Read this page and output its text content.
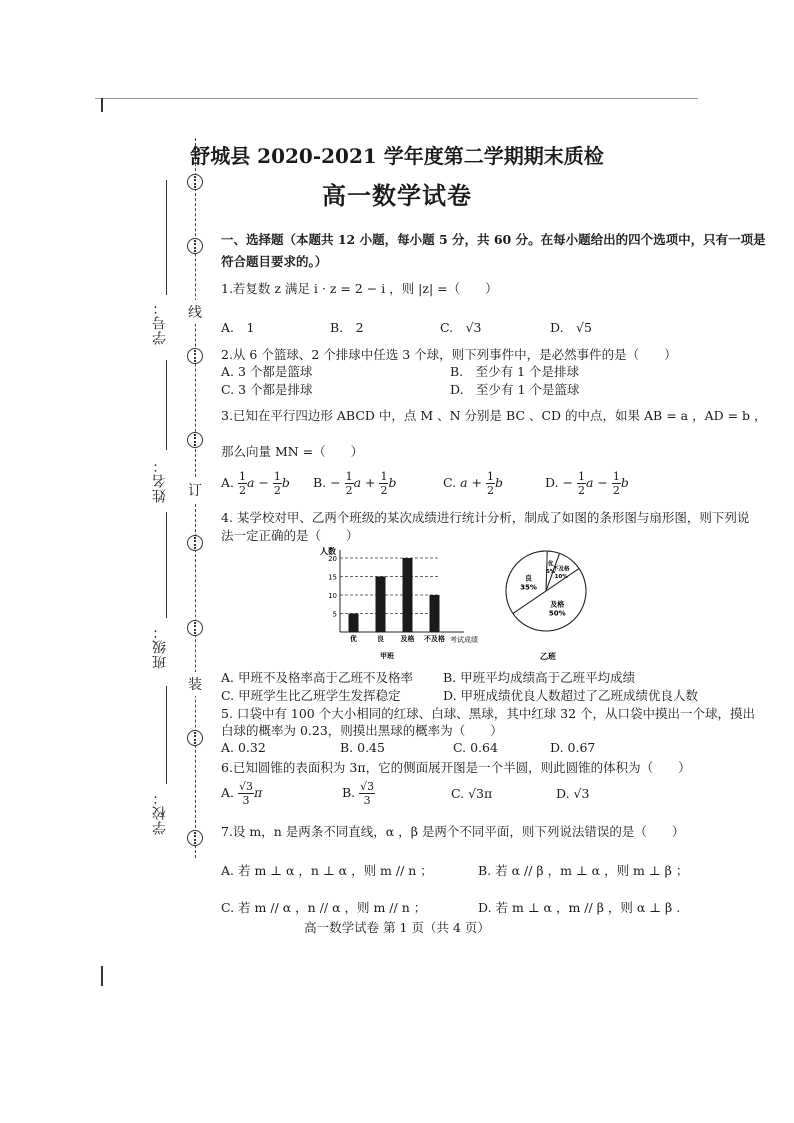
线
订
装
学号：
姓名：
班级：
学校：
舒城县 2020-2021 学年度第二学期期末质检
高一数学试卷
一、选择题（本题共 12 小题，每小题 5 分，共 60 分。在每小题给出的四个选项中，只有一项是
符合题目要求的。）
1.若复数 z 满足 i · z = 2 − i ，则 |z| =（　　）
A.　1	B.　2	C.　√3	D.　√5
2.从 6 个篮球、2 个排球中任选 3 个球，则下列事件中，是必然事件的是（　　）
A. 3 个都是篮球	B.　至少有 1 个是排球
C. 3 个都是排球	D.　至少有 1 个是篮球
3.已知在平行四边形 ABCD 中，点 M 、N 分别是 BC 、CD 的中点，如果 AB = a ，AD = b ，
那么向量 MN =（　　）
A. $\frac{1}{2}$ $a - \frac{1}{2}$ b B. − $\frac{1}{2}$ $a + \frac{1}{2}$ b	C. $a + \frac{1}{2}$ b	D. − $\frac{1}{2}$ $a - \frac{1}{2}$ b
4. 某学校对甲、乙两个班级的某次成绩进行统计分析，制成了如图的条形图与扇形图，则下列说
法一定正确的是（　　）
5
10
15
20
优	良 及格 不及格
人数
考试成绩
甲班
优
5%
不及格
10%
及格
50%
良
35%
乙班
A. 甲班不及格率高于乙班不及格率 B. 甲班平均成绩高于乙班平均成绩
C. 甲班学生比乙班学生发挥稳定	D. 甲班成绩优良人数超过了乙班成绩优良人数
5. 口袋中有 100 个大小相同的红球、白球、黑球，其中红球 32 个，从口袋中摸出一个球，摸出
白球的概率为 0.23，则摸出黑球的概率为（　　）
A. 0.32	B. 0.45	C. 0.64	D. 0.67
6.已知圆锥的表面积为 3π，它的侧面展开图是一个半圆，则此圆锥的体积为（　　）
A. $\frac{√3}{3}$ π	B. $\frac{√3}{3}$	C. √3π	D. √3
7.设 m，n 是两条不同直线，α ，β 是两个不同平面，则下列说法错误的是（　　）
A. 若 m ⊥ α ，n ⊥ α ，则 m // n ；	B. 若 α // β ，m ⊥ α ，则 m ⊥ β ；
C. 若 m // α ，n // α ，则 m // n ；	D. 若 m ⊥ α ，m // β ，则 α ⊥ β .
高一数学试卷 第 1 页（共 4 页）
